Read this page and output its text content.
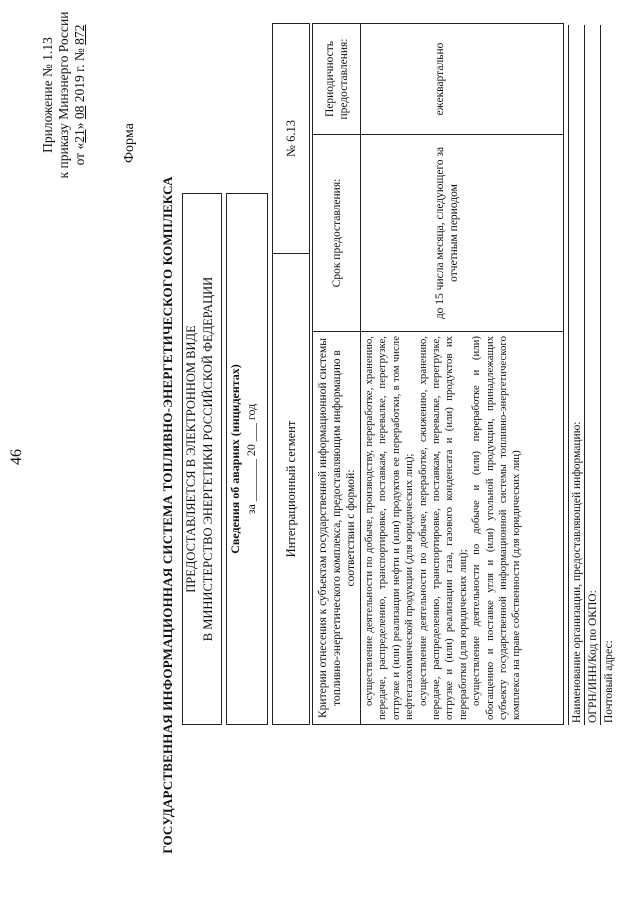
46
Приложение № 1.13 к приказу Минэнерго России от «21» 08 2019 г. № 872
Форма
ГОСУДАРСТВЕННАЯ ИНФОРМАЦИОННАЯ СИСТЕМА ТОПЛИВНО-ЭНЕРГЕТИЧЕСКОГО КОМПЛЕКСА ПРЕДОСТАВЛЯЕТСЯ В ЭЛЕКТРОННОМ ВИДЕ В МИНИСТЕРСТВО ЭНЕРГЕТИКИ РОССИЙСКОЙ ФЕДЕРАЦИИ Сведения об авариях (инцидентах) за _______ 20 ___ год	Интеграционный сегмент
№ 6.13
Критерии отнесения к субъектам государственной информационной системы топливно-энергетического комплекса, предоставляющим информацию в соответствии с формой: осуществление деятельности по добыче, производству, переработке, хранению, передаче, распределению, транспортировке, поставкам, перевалке, перегрузке, отгрузке и (или) реализации нефти и (или) продуктов ее переработки, в том числе нефтегазохимической продукции (для юридических лиц); осуществление деятельности по добыче, переработке, сжижению, хранению, передаче, распределению, транспортировке, поставкам, перевалке, перегрузке, отгрузке и (или) реализации газа, газового конденсата и (или) продуктов их переработки (для юридических лиц); осуществление деятельности по добыче и (или) переработке и (или) обогащению и поставке угля и (или) угольной продукции, принадлежащих субъекту государственной информационной системы топливно-энергетического комплекса на праве собственности (для юридических лиц)

Срок предоставления:	до 15 числа месяца, следующего за отчетным периодом
Периодичность предоставления:	ежеквартально
Наименование организации, предоставляющей информацию: ОГРН/ИНН/Код по ОКПО: Почтовый адрес:
